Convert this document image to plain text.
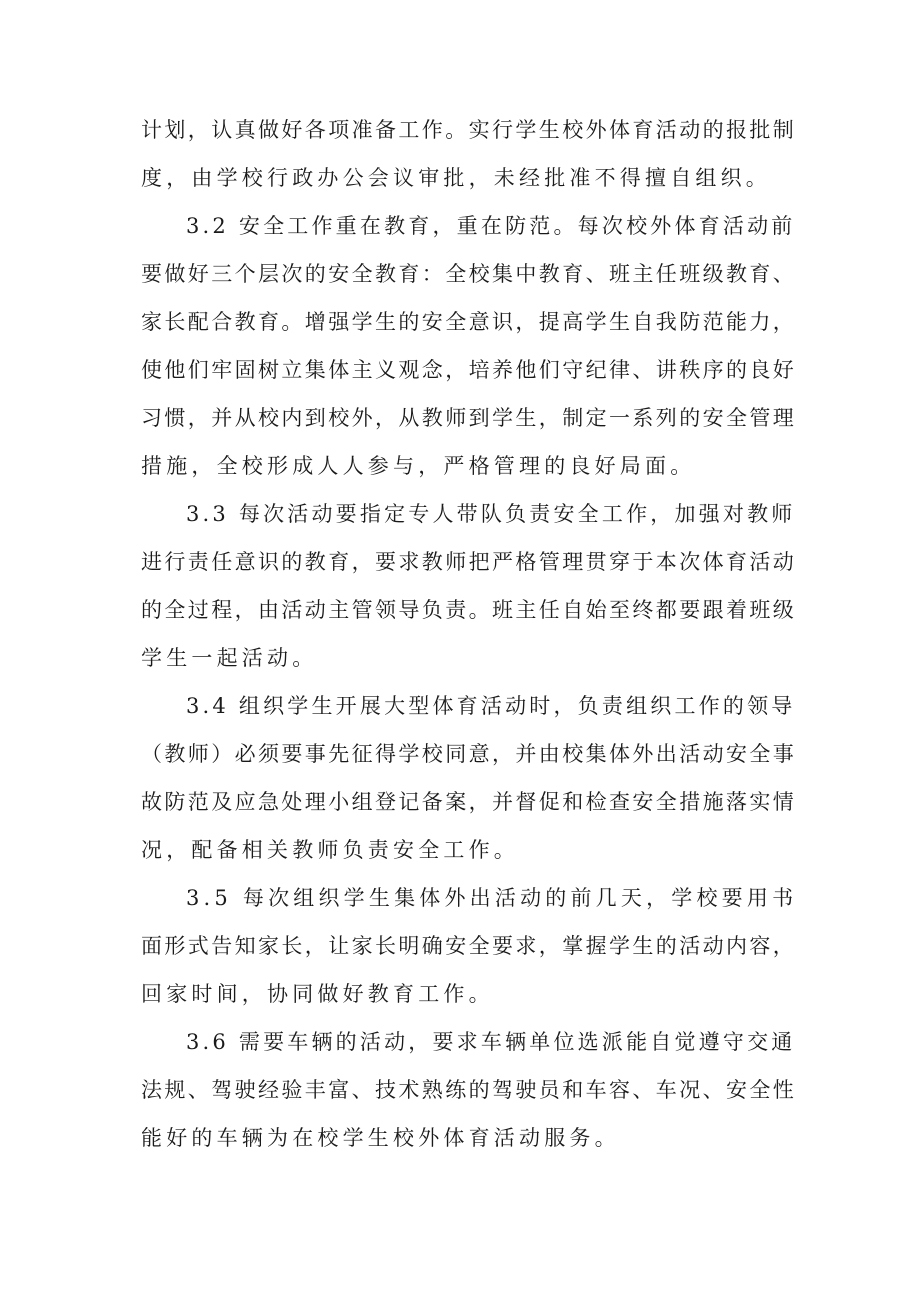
计划，认真做好各项准备工作。实行学生校外体育活动的报批制
度，由学校行政办公会议审批，未经批准不得擅自组织。
3.2 安全工作重在教育，重在防范。每次校外体育活动前
要做好三个层次的安全教育：全校集中教育、班主任班级教育、
家长配合教育。增强学生的安全意识，提高学生自我防范能力，
使他们牢固树立集体主义观念，培养他们守纪律、讲秩序的良好
习惯，并从校内到校外，从教师到学生，制定一系列的安全管理
措施，全校形成人人参与，严格管理的良好局面。
3.3 每次活动要指定专人带队负责安全工作，加强对教师
进行责任意识的教育，要求教师把严格管理贯穿于本次体育活动
的全过程，由活动主管领导负责。班主任自始至终都要跟着班级
学生一起活动。
3.4 组织学生开展大型体育活动时，负责组织工作的领导
（教师）必须要事先征得学校同意，并由校集体外出活动安全事
故防范及应急处理小组登记备案，并督促和检查安全措施落实情
况，配备相关教师负责安全工作。
3.5 每次组织学生集体外出活动的前几天，学校要用书
面形式告知家长，让家长明确安全要求，掌握学生的活动内容，
回家时间，协同做好教育工作。
3.6 需要车辆的活动，要求车辆单位选派能自觉遵守交通
法规、驾驶经验丰富、技术熟练的驾驶员和车容、车况、安全性
能好的车辆为在校学生校外体育活动服务。
